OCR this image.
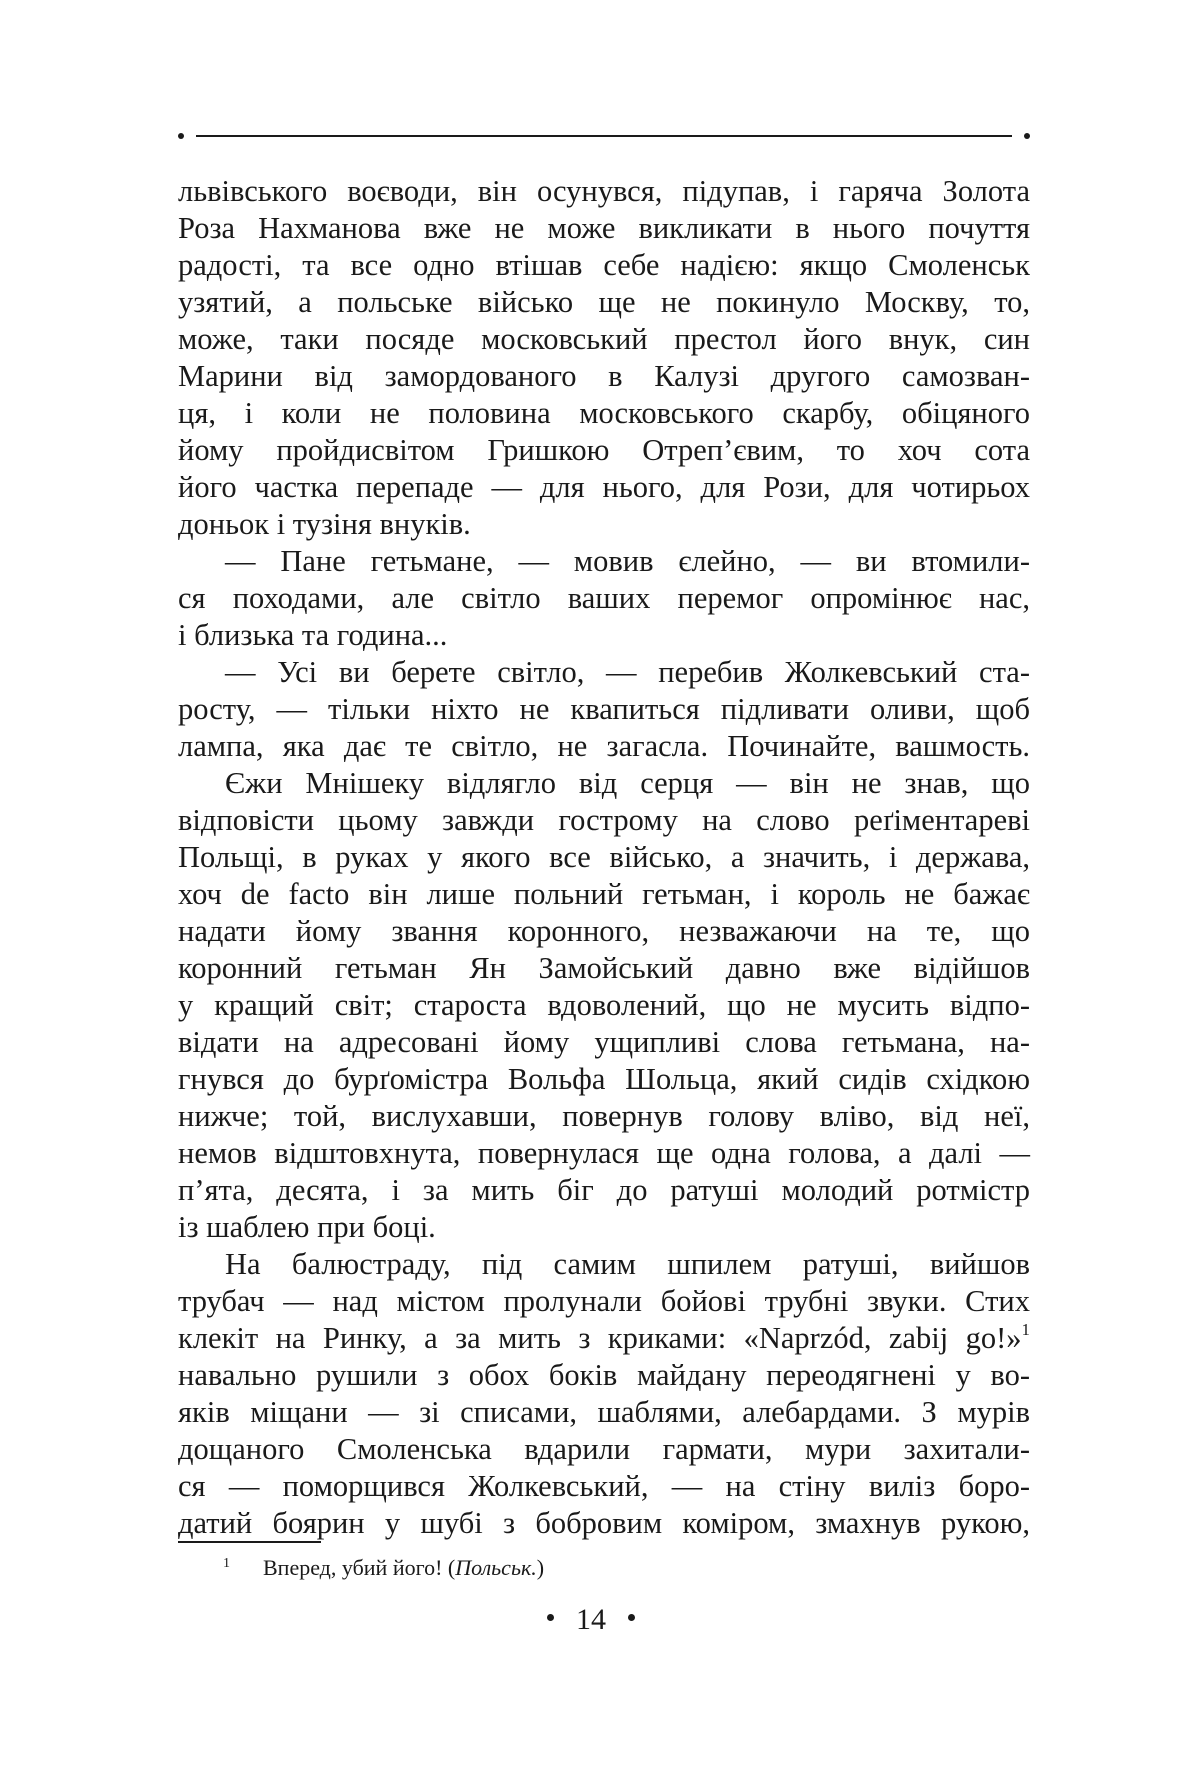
львівського воєводи, він осунувся, підупав, і гаряча Золота
Роза Нахманова вже не може викликати в нього почуття
радості, та все одно втішав себе надією: якщо Смоленськ
узятий, а польське військо ще не покинуло Москву, то,
може, таки посяде московський престол його внук, син
Марини від замордованого в Калузі другого самозван-
ця, і коли не половина московського скарбу, обіцяного
йому пройдисвітом Гришкою Отреп’євим, то хоч сота
його частка перепаде — для нього, для Рози, для чотирьох
доньок і тузіня внуків.
— Пане гетьмане, — мовив єлейно, — ви втомили-
ся походами, але світло ваших перемог опромінює нас,
і близька та година...
— Усі ви берете світло, — перебив Жолкевський ста-
росту, — тільки ніхто не квапиться підливати оливи, щоб
лампа, яка дає те світло, не загасла. Починайте, вашмость.
Єжи Мнішеку відлягло від серця — він не знав, що
відповісти цьому завжди гострому на слово реґіментареві
Польщі, в руках у якого все військо, а значить, і держава,
хоч de facto він лише польний гетьман, і король не бажає
надати йому звання коронного, незважаючи на те, що
коронний гетьман Ян Замойський давно вже відійшов
у кращий світ; староста вдоволений, що не мусить відпо-
відати на адресовані йому ущипливі слова гетьмана, на-
гнувся до бурґомістра Вольфа Шольца, який сидів східкою
нижче; той, вислухавши, повернув голову вліво, від неї,
немов відштовхнута, повернулася ще одна голова, а далі —
п’ята, десята, і за мить біг до ратуші молодий ротмістр
із шаблею при боці.
На балюстраду, під самим шпилем ратуші, вийшов
трубач — над містом пролунали бойові трубні звуки. Стих
клекіт на Ринку, а за мить з криками: «Naprzód, zabij go!»$^1$
навально рушили з обох боків майдану переодягнені у во-
яків міщани — зі списами, шаблями, алебардами. З мурів
дощаного Смоленська вдарили гармати, мури захитали-
ся — поморщився Жолкевський, — на стіну виліз боро-
датий боярин у шубі з бобровим коміром, змахнув рукою,
1 Вперед, убий його! (Польськ.)
14
